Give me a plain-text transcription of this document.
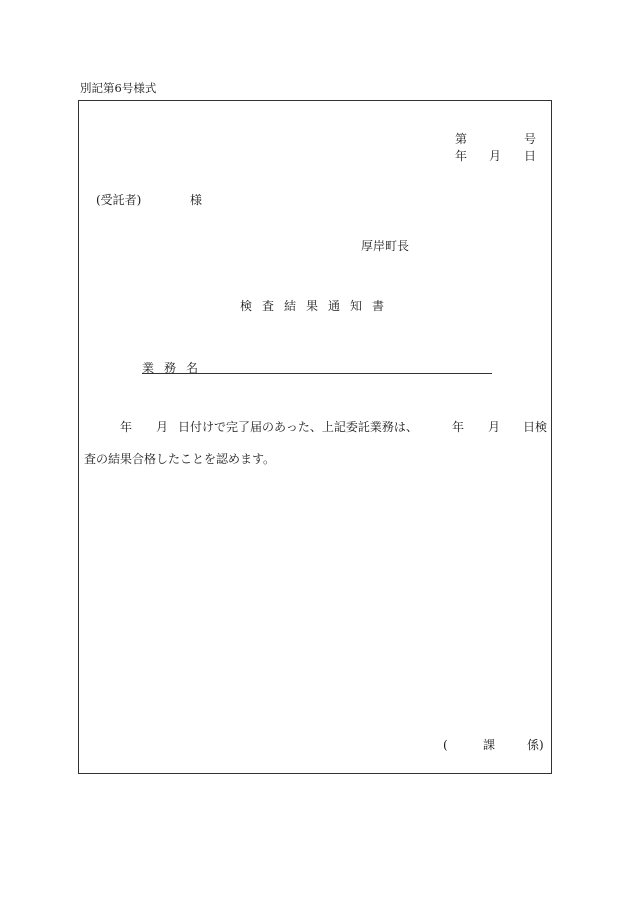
別記第6号様式
第	号
年 月 日
(受託者)	様
厚岸町長
検査結果通知書
業務名
年 月 日付けで完了届のあった、上記委託業務は、	年 月 日検
査の結果合格したことを認めます。
(	課	係)
